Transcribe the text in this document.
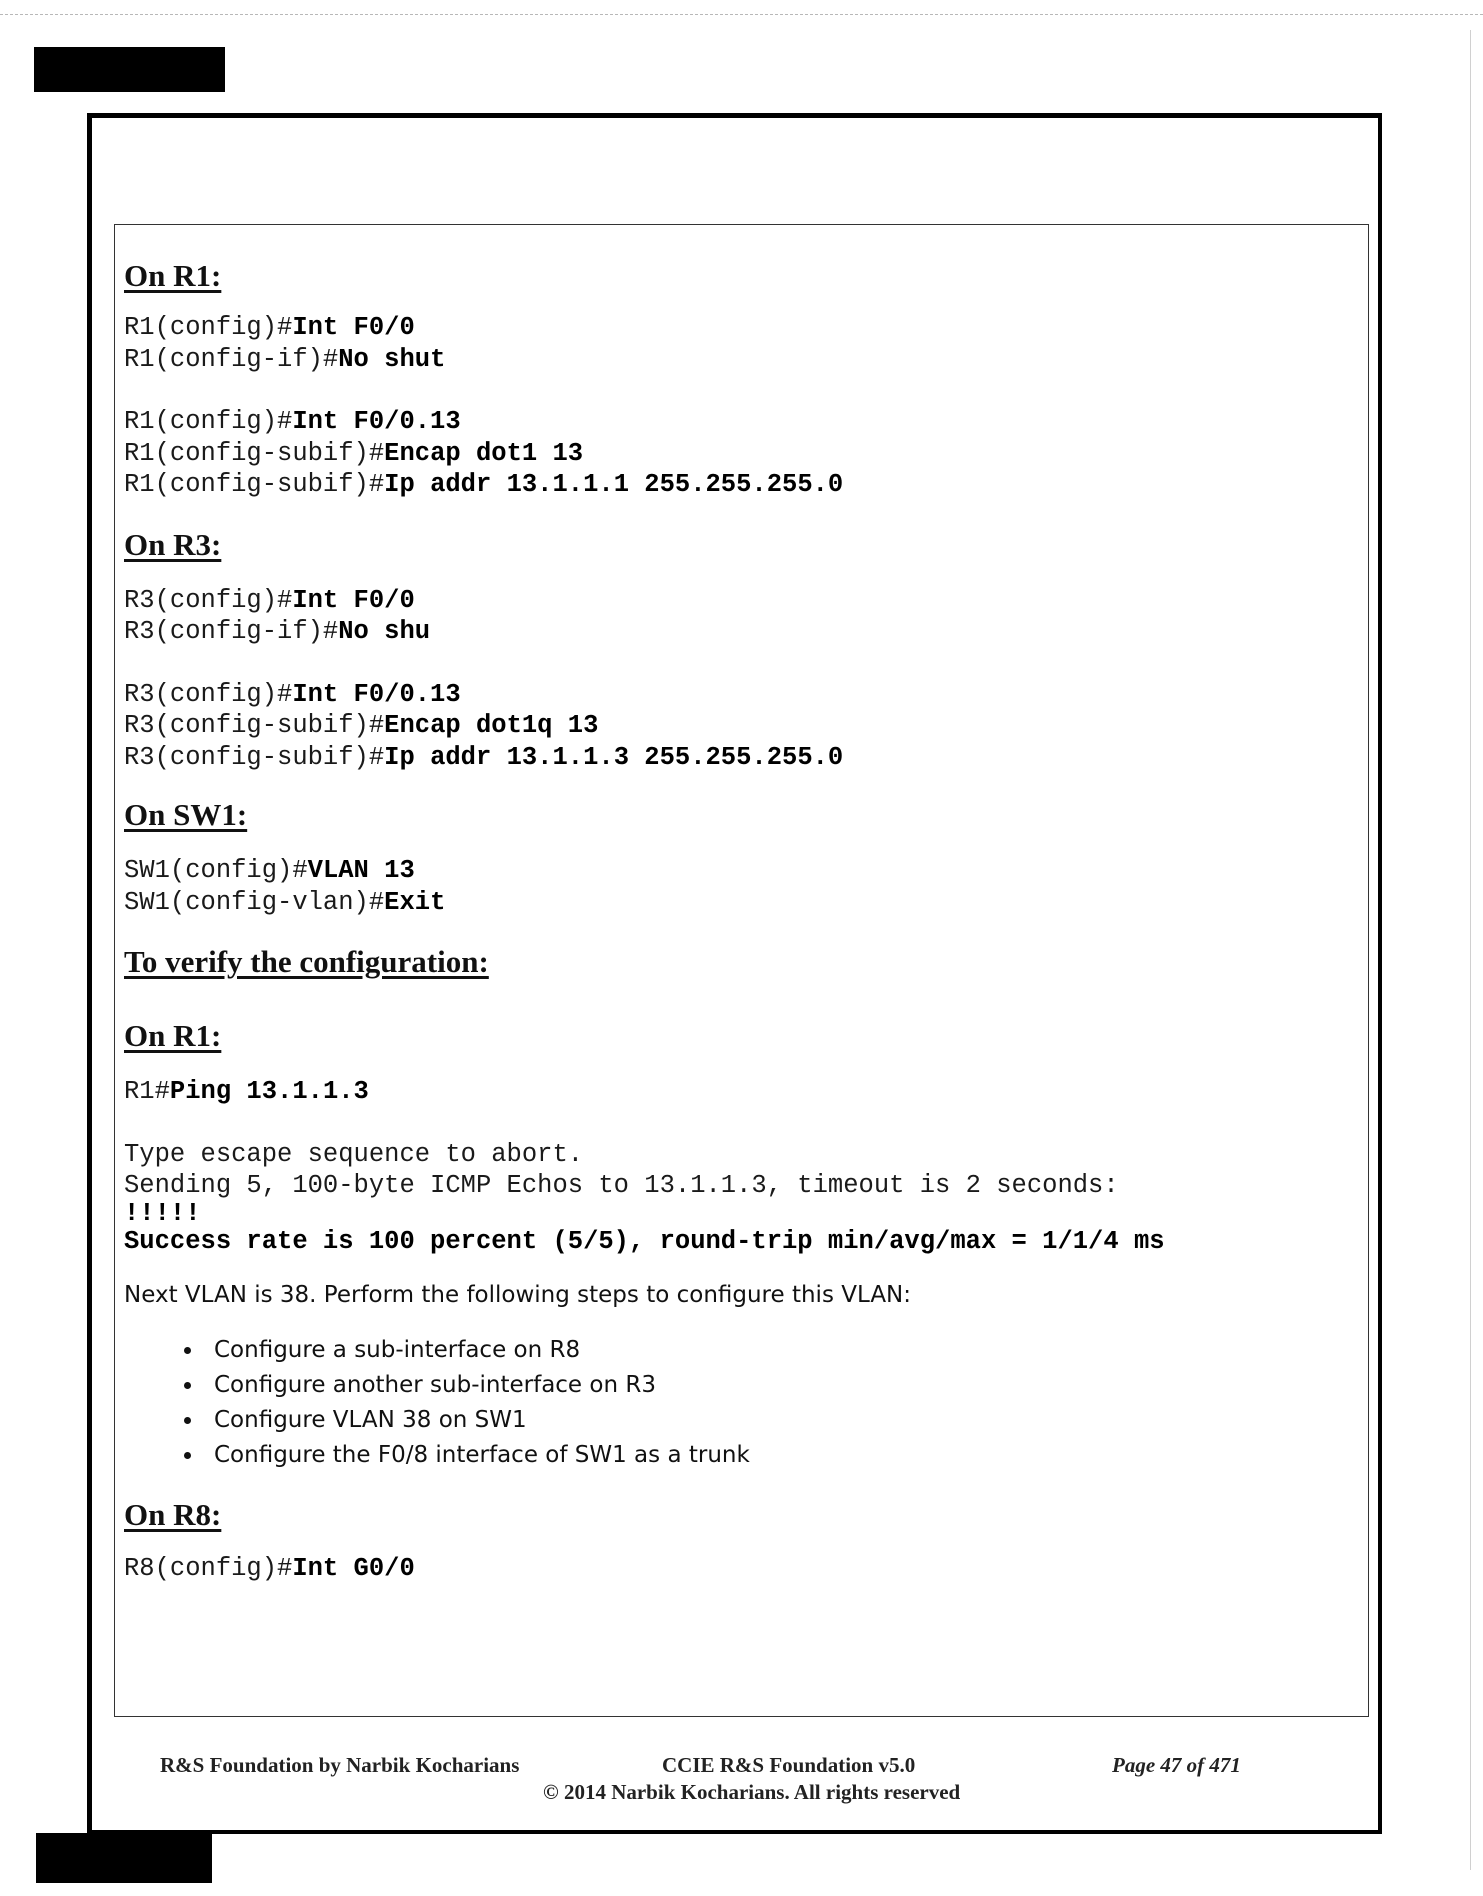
On R1:
R1(config)#Int F0/0
R1(config-if)#No shut
R1(config)#Int F0/0.13
R1(config-subif)#Encap dot1 13
R1(config-subif)#Ip addr 13.1.1.1 255.255.255.0
On R3:
R3(config)#Int F0/0
R3(config-if)#No shu
R3(config)#Int F0/0.13
R3(config-subif)#Encap dot1q 13
R3(config-subif)#Ip addr 13.1.1.3 255.255.255.0
On SW1:
SW1(config)#VLAN 13
SW1(config-vlan)#Exit
To verify the configuration:
On R1:
R1#Ping 13.1.1.3
Type escape sequence to abort.
Sending 5, 100-byte ICMP Echos to 13.1.1.3, timeout is 2 seconds:
!!!!!
Success rate is 100 percent (5/5), round-trip min/avg/max = 1/1/4 ms
Next VLAN is 38. Perform the following steps to configure this VLAN:
• Configure a sub-interface on R8
• Configure another sub-interface on R3
• Configure VLAN 38 on SW1
• Configure the F0/8 interface of SW1 as a trunk
On R8:
R8(config)#Int G0/0
R&S Foundation by Narbik Kocharians	CCIE R&S Foundation v5.0	Page 47 of 471
© 2014 Narbik Kocharians. All rights reserved
